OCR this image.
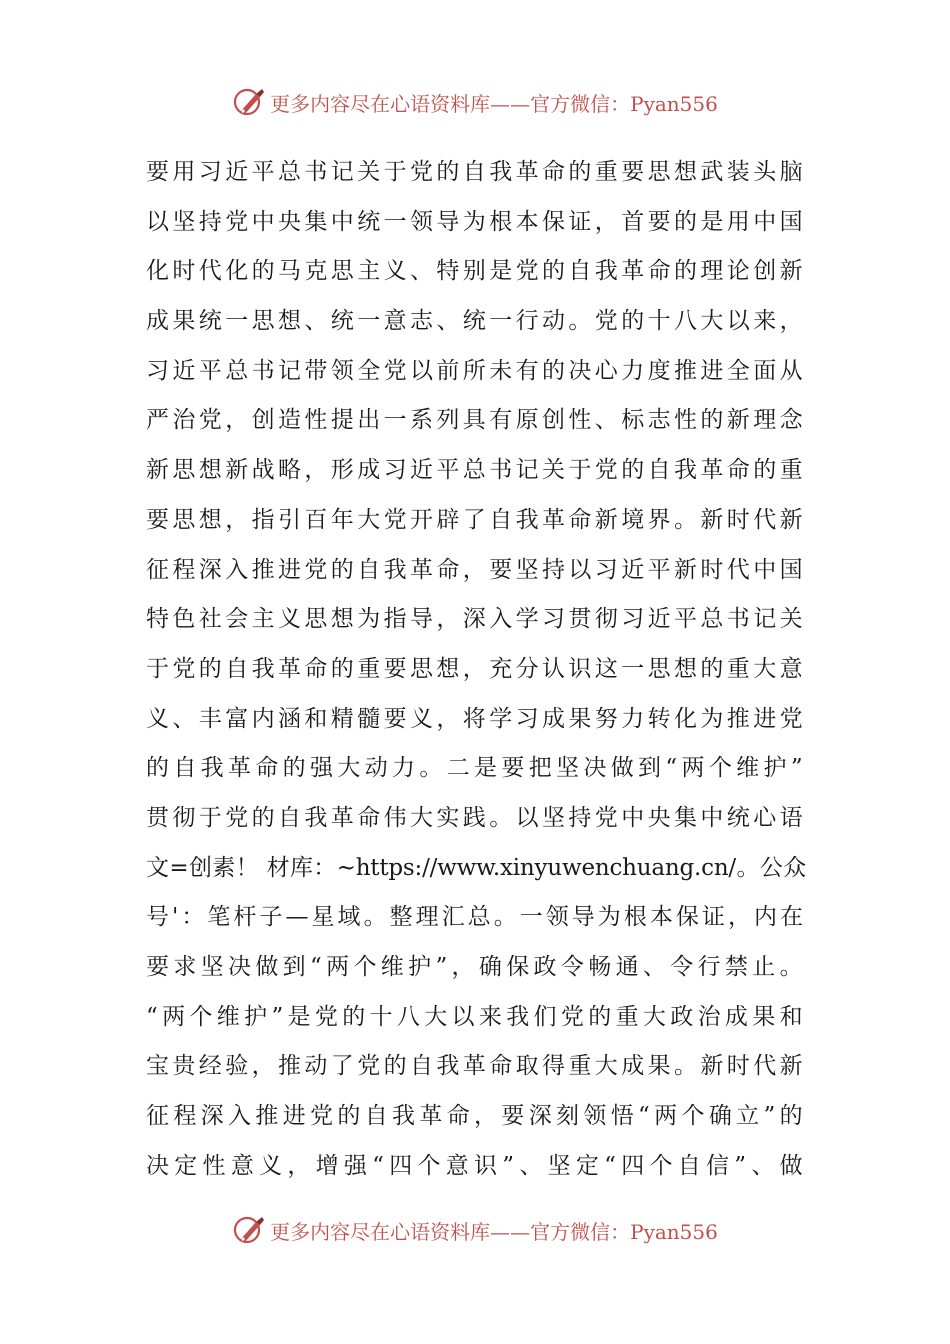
更多内容尽在心语资料库——官方微信：Pyan556
要用习近平总书记关于党的自我革命的重要思想武装头脑
以坚持党中央集中统一领导为根本保证，首要的是用中国
化时代化的马克思主义、特别是党的自我革命的理论创新
成果统一思想、统一意志、统一行动。党的十八大以来，
习近平总书记带领全党以前所未有的决心力度推进全面从
严治党，创造性提出一系列具有原创性、标志性的新理念
新思想新战略，形成习近平总书记关于党的自我革命的重
要思想，指引百年大党开辟了自我革命新境界。新时代新
征程深入推进党的自我革命，要坚持以习近平新时代中国
特色社会主义思想为指导，深入学习贯彻习近平总书记关
于党的自我革命的重要思想，充分认识这一思想的重大意
义、丰富内涵和精髓要义，将学习成果努力转化为推进党
的自我革命的强大动力。二是要把坚决做到“两个维护”
贯彻于党的自我革命伟大实践。以坚持党中央集中统心语
文=创素！ 材库：~https://www.xinyuwenchuang.cn/。公众
号'：笔杆子—星域。整理汇总。一领导为根本保证，内在
要求坚决做到“两个维护”，确保政令畅通、令行禁止。
“两个维护”是党的十八大以来我们党的重大政治成果和
宝贵经验，推动了党的自我革命取得重大成果。新时代新
征程深入推进党的自我革命，要深刻领悟“两个确立”的
决定性意义，增强“四个意识”、坚定“四个自信”、做
更多内容尽在心语资料库——官方微信：Pyan556
